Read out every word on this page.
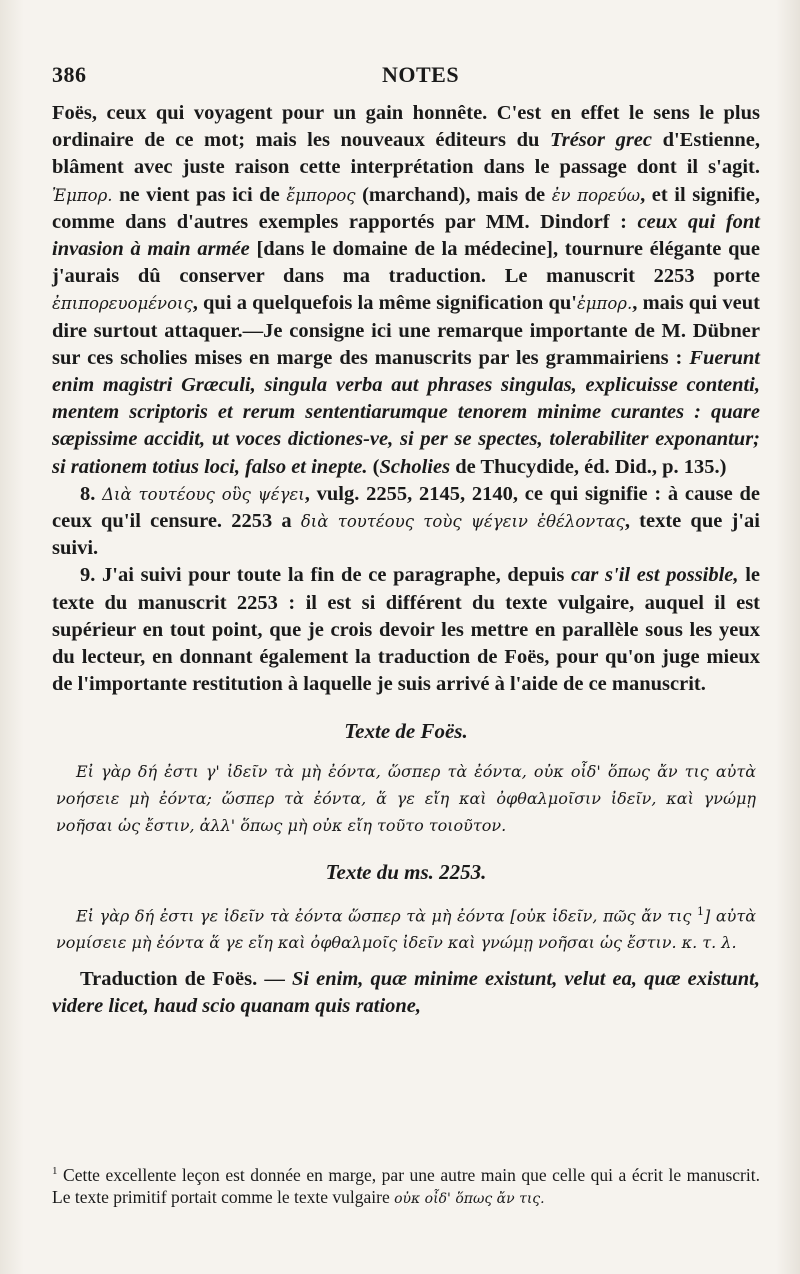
386	NOTES

Foës, ceux qui voyagent pour un gain honnête. C'est en effet le sens le plus ordinaire de ce mot; mais les nouveaux éditeurs du Trésor grec d'Estienne, blâment avec juste raison cette interprétation dans le passage dont il s'agit. Ἐμπορ. ne vient pas ici de ἔμπορος (marchand), mais de ἐν πορεύω, et il signifie, comme dans d'autres exemples rapportés par MM. Dindorf : ceux qui font invasion à main armée [dans le domaine de la médecine], tournure élégante que j'aurais dû conserver dans ma traduction. Le manuscrit 2253 porte ἐπιπορευομένοις, qui a quelquefois la même signification qu'ἐμπορ., mais qui veut dire surtout attaquer.—Je consigne ici une remarque importante de M. Dübner sur ces scholies mises en marge des manuscrits par les grammairiens : Fuerunt enim magistri Græculi, singula verba aut phrases singulas, explicuisse contenti, mentem scriptoris et rerum sententiarumque tenorem minime curantes : quare sæpissime accidit, ut voces dictiones-ve, si per se spectes, tolerabiliter exponantur; si rationem totius loci, falso et inepte. (Scholies de Thucydide, éd. Did., p. 135.)

8. Διὰ τουτέους οὓς ψέγει, vulg. 2255, 2145, 2140, ce qui signifie : à cause de ceux qu'il censure. 2253 a διὰ τουτέους τοὺς ψέγειν ἐθέλοντας, texte que j'ai suivi.

9. J'ai suivi pour toute la fin de ce paragraphe, depuis car s'il est possible, le texte du manuscrit 2253 : il est si différent du texte vulgaire, auquel il est supérieur en tout point, que je crois devoir les mettre en parallèle sous les yeux du lecteur, en donnant également la traduction de Foës, pour qu'on juge mieux de l'importante restitution à laquelle je suis arrivé à l'aide de ce manuscrit.

Texte de Foës.
Εἰ γὰρ δή ἐστι γ' ἰδεῖν τὰ μὴ ἐόντα, ὥσπερ τὰ ἐόντα, οὐκ οἶδ' ὅπως ἄν τις αὐτὰ νοήσειε μὴ ἐόντα; ὥσπερ τὰ ἐόντα, ἅ γε εἴη καὶ ὀφθαλμοῖσιν ἰδεῖν, καὶ γνώμῃ νοῆσαι ὡς ἔστιν, ἀλλ' ὅπως μὴ οὐκ εἴη τοῦτο τοιοῦτον.
Texte du ms. 2253.
Εἰ γὰρ δή ἐστι γε ἰδεῖν τὰ ἐόντα ὥσπερ τὰ μὴ ἐόντα [οὐκ ἰδεῖν, πῶς ἄν τις $^1$] αὐτὰ νομίσειε μὴ ἐόντα ἅ γε εἴη καὶ ὀφθαλμοῖς ἰδεῖν καὶ γνώμῃ νοῆσαι ὡς ἔστιν. κ. τ. λ.

Traduction de Foës. — Si enim, quæ minime existunt, velut ea, quæ existunt, videre licet, haud scio quanam quis ratione,

$^1$ Cette excellente leçon est donnée en marge, par une autre main que celle qui a écrit le manuscrit. Le texte primitif portait comme le texte vulgaire οὐκ οἶδ' ὅπως ἄν τις.
